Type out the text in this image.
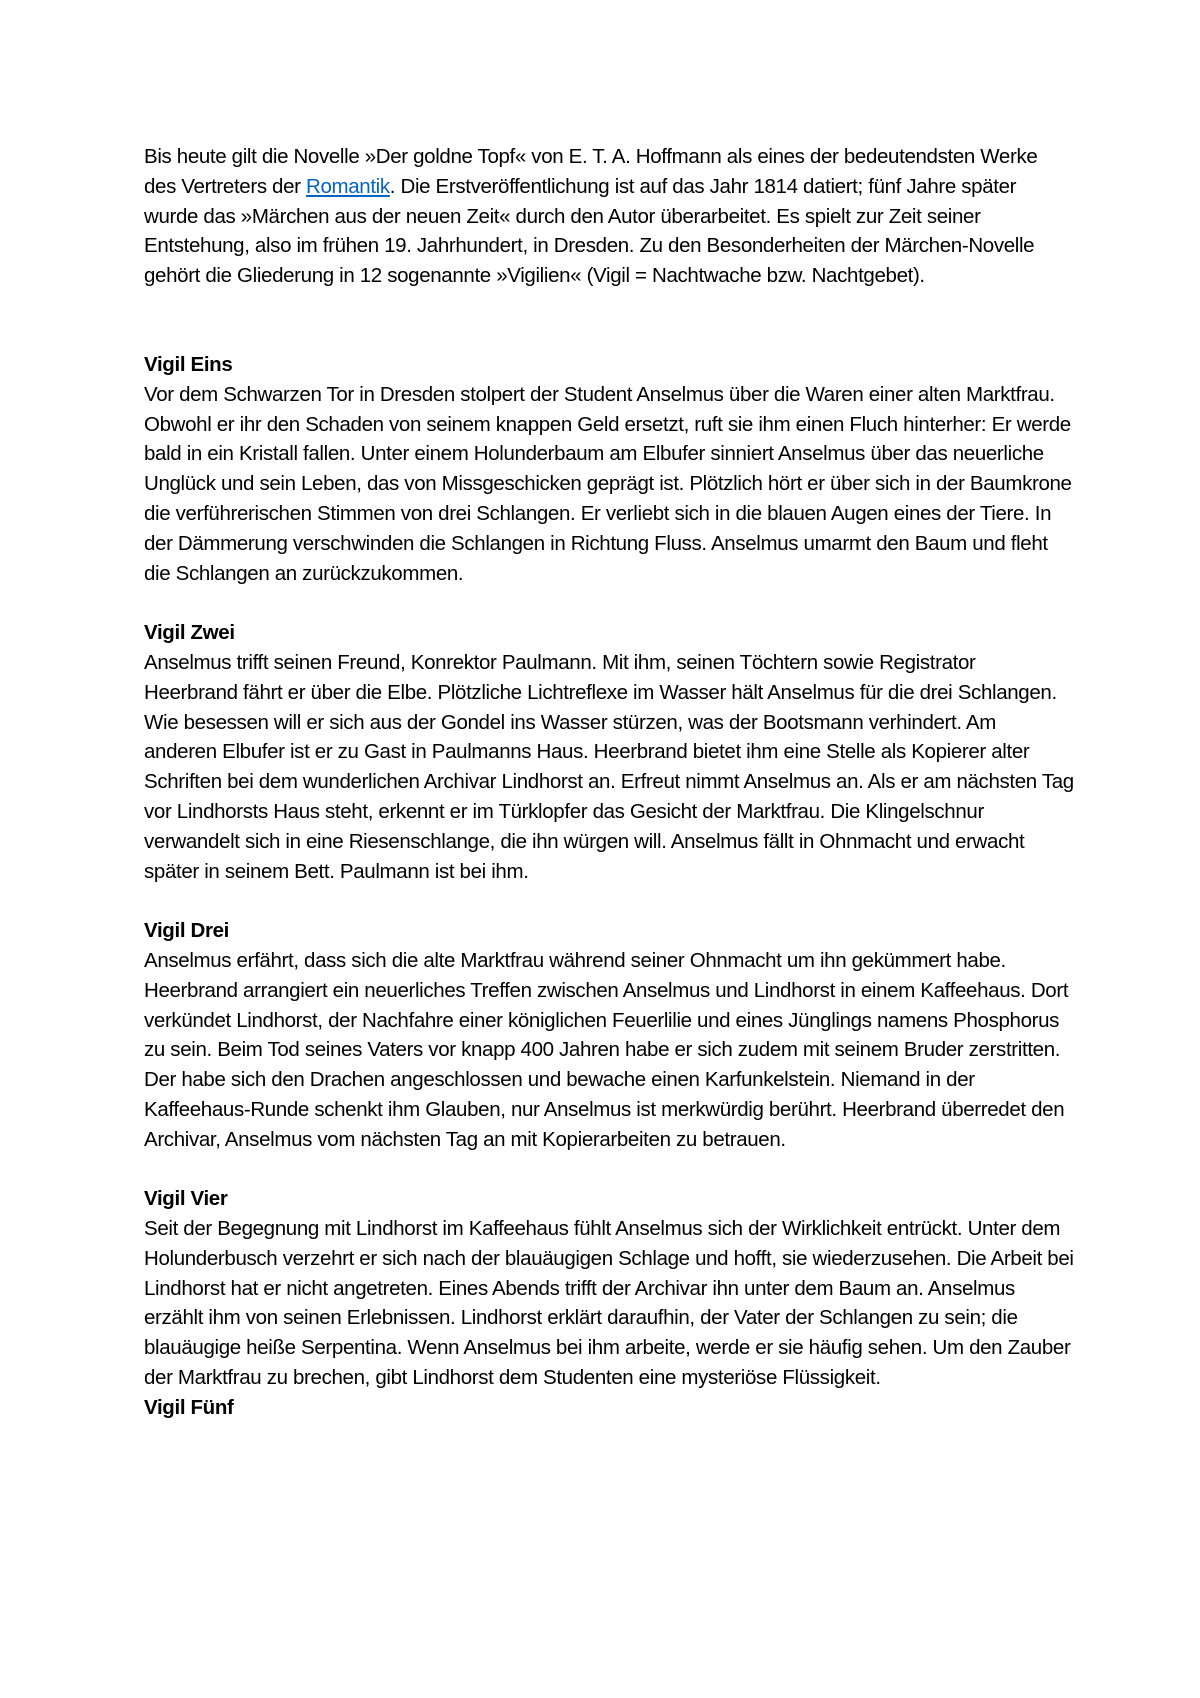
Bis heute gilt die Novelle »Der goldne Topf« von E. T. A. Hoffmann als eines der bedeutendsten Werke des Vertreters der Romantik. Die Erstveröffentlichung ist auf das Jahr 1814 datiert; fünf Jahre später wurde das »Märchen aus der neuen Zeit« durch den Autor überarbeitet. Es spielt zur Zeit seiner Entstehung, also im frühen 19. Jahrhundert, in Dresden. Zu den Besonderheiten der Märchen-Novelle gehört die Gliederung in 12 sogenannte »Vigilien« (Vigil = Nachtwache bzw. Nachtgebet).

Vigil Eins

Vor dem Schwarzen Tor in Dresden stolpert der Student Anselmus über die Waren einer alten Marktfrau. Obwohl er ihr den Schaden von seinem knappen Geld ersetzt, ruft sie ihm einen Fluch hinterher: Er werde bald in ein Kristall fallen. Unter einem Holunderbaum am Elbufer sinniert Anselmus über das neuerliche Unglück und sein Leben, das von Missgeschicken geprägt ist. Plötzlich hört er über sich in der Baumkrone die verführerischen Stimmen von drei Schlangen. Er verliebt sich in die blauen Augen eines der Tiere. In der Dämmerung verschwinden die Schlangen in Richtung Fluss. Anselmus umarmt den Baum und fleht die Schlangen an zurückzukommen.

Vigil Zwei

Anselmus trifft seinen Freund, Konrektor Paulmann. Mit ihm, seinen Töchtern sowie Registrator Heerbrand fährt er über die Elbe. Plötzliche Lichtreflexe im Wasser hält Anselmus für die drei Schlangen. Wie besessen will er sich aus der Gondel ins Wasser stürzen, was der Bootsmann verhindert. Am anderen Elbufer ist er zu Gast in Paulmanns Haus. Heerbrand bietet ihm eine Stelle als Kopierer alter Schriften bei dem wunderlichen Archivar Lindhorst an. Erfreut nimmt Anselmus an. Als er am nächsten Tag vor Lindhorsts Haus steht, erkennt er im Türklopfer das Gesicht der Marktfrau. Die Klingelschnur verwandelt sich in eine Riesenschlange, die ihn würgen will. Anselmus fällt in Ohnmacht und erwacht später in seinem Bett. Paulmann ist bei ihm.

Vigil Drei

Anselmus erfährt, dass sich die alte Marktfrau während seiner Ohnmacht um ihn gekümmert habe. Heerbrand arrangiert ein neuerliches Treffen zwischen Anselmus und Lindhorst in einem Kaffeehaus. Dort verkündet Lindhorst, der Nachfahre einer königlichen Feuerlilie und eines Jünglings namens Phosphorus zu sein. Beim Tod seines Vaters vor knapp 400 Jahren habe er sich zudem mit seinem Bruder zerstritten. Der habe sich den Drachen angeschlossen und bewache einen Karfunkelstein. Niemand in der Kaffeehaus-Runde schenkt ihm Glauben, nur Anselmus ist merkwürdig berührt. Heerbrand überredet den Archivar, Anselmus vom nächsten Tag an mit Kopierarbeiten zu betrauen.

Vigil Vier

Seit der Begegnung mit Lindhorst im Kaffeehaus fühlt Anselmus sich der Wirklichkeit entrückt. Unter dem Holunderbusch verzehrt er sich nach der blauäugigen Schlage und hofft, sie wiederzusehen. Die Arbeit bei Lindhorst hat er nicht angetreten. Eines Abends trifft der Archivar ihn unter dem Baum an. Anselmus erzählt ihm von seinen Erlebnissen. Lindhorst erklärt daraufhin, der Vater der Schlangen zu sein; die blauäugige heiße Serpentina. Wenn Anselmus bei ihm arbeite, werde er sie häufig sehen. Um den Zauber der Marktfrau zu brechen, gibt Lindhorst dem Studenten eine mysteriöse Flüssigkeit.

Vigil Fünf
